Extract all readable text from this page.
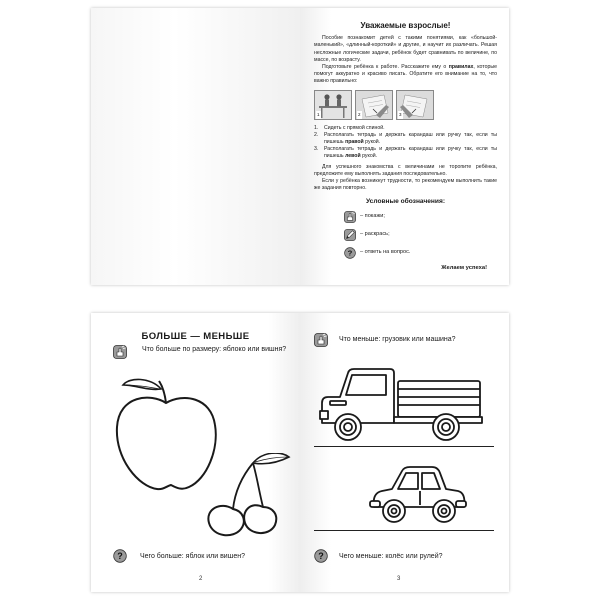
Уважаемые взрослые!

Пособие познакомит детей с такими понятиями, как «большой-маленький», «длинный-короткий» и другие, и научит их различать. Решая несложные логические задачи, ребёнок будет сравнивать по величине, по массе, по возрасту.

Подготовьте ребёнка к работе. Расскажите ему о правилах, которые помогут аккуратно и красиво писать. Обратите его внимание на то, что важно правильно:

1	2	3
1.	Сидеть с прямой спиной.
2.	Располагать тетрадь и держать карандаш или ручку так, если ты пишешь правой рукой.
3.	Располагать тетрадь и держать карандаш или ручку так, если ты пишешь левой рукой.

Для успешного знакомства с величинами не торопите ребёнка, предложите ему выполнять задания последовательно.

Если у ребёнка возникнут трудности, то рекомендуем выполнить такие же задания повторно.

Условные обозначения:
– покажи;
– раскрась;
? – ответь на вопрос.
Желаем успеха!
БОЛЬШЕ — МЕНЬШЕ
Что больше по размеру: яблоко или вишня?
?	Чего больше: яблок или вишен?
2
Что меньше: грузовик или машина?
?	Чего меньше: колёс или рулей?
3
